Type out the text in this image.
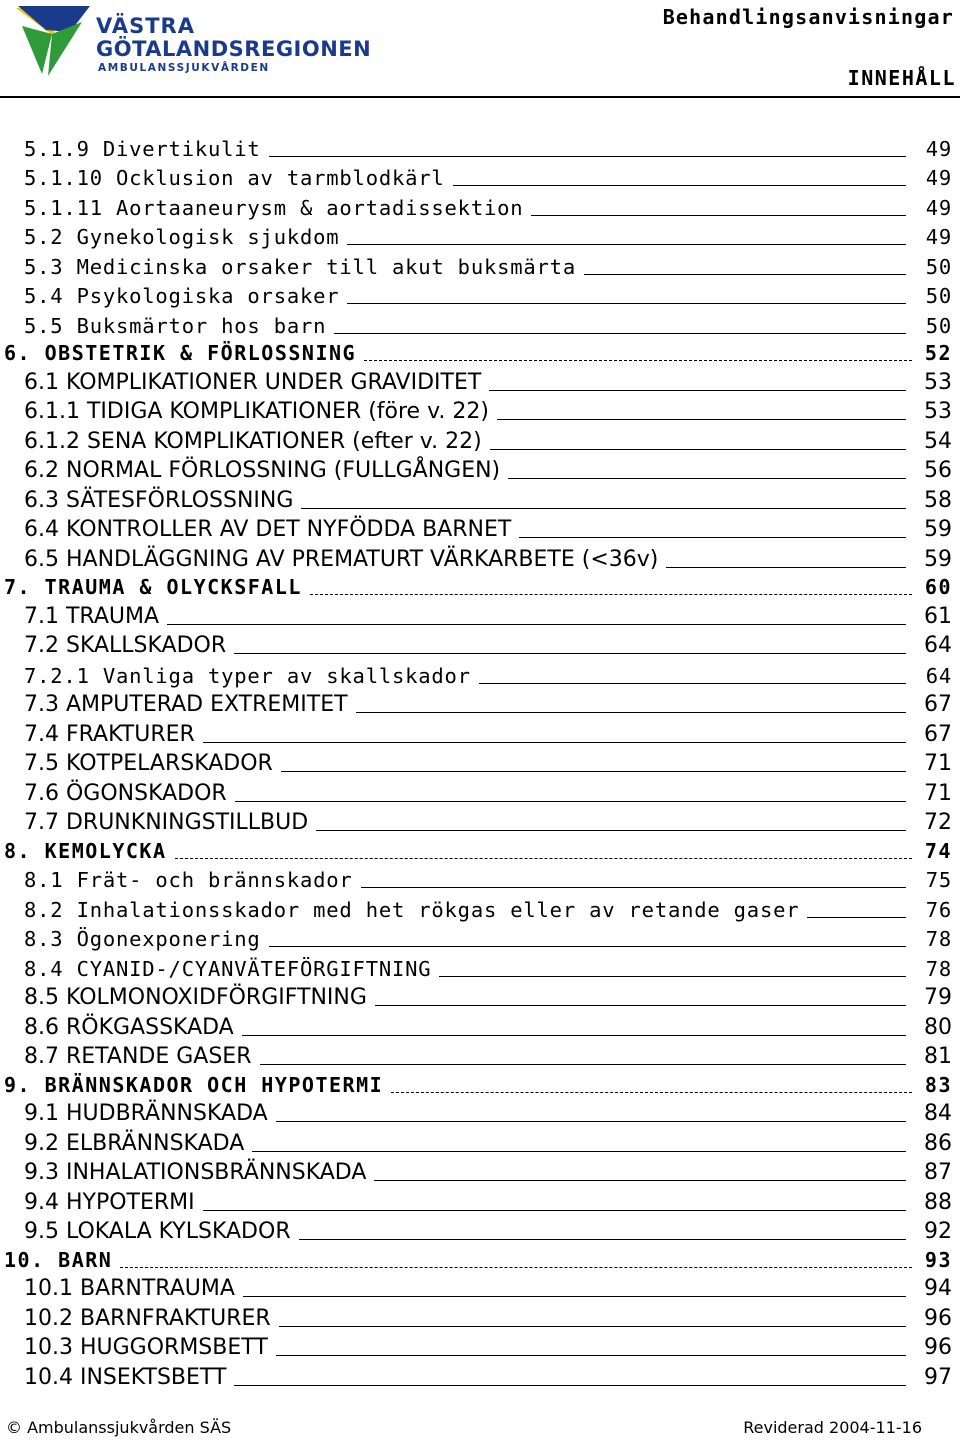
VÄSTRA
GÖTALANDSREGIONEN
AMBULANSSJUKVÅRDEN
Behandlingsanvisningar
INNEHÅLL
5.1.9 Divertikulit	49
5.1.10 Ocklusion av tarmblodkärl	49
5.1.11 Aortaaneurysm & aortadissektion	49
5.2 Gynekologisk sjukdom	49
5.3 Medicinska orsaker till akut buksmärta	50
5.4 Psykologiska orsaker	50
5.5 Buksmärtor hos barn	50
6. OBSTETRIK & FÖRLOSSNING	52
6.1 KOMPLIKATIONER UNDER GRAVIDITET	53
6.1.1 TIDIGA KOMPLIKATIONER (före v. 22)	53
6.1.2 SENA KOMPLIKATIONER (efter v. 22)	54
6.2 NORMAL FÖRLOSSNING (FULLGÅNGEN)	56
6.3 SÄTESFÖRLOSSNING	58
6.4 KONTROLLER AV DET NYFÖDDA BARNET	59
6.5 HANDLÄGGNING AV PREMATURT VÄRKARBETE (<36v)	59
7. TRAUMA & OLYCKSFALL	60
7.1 TRAUMA	61
7.2 SKALLSKADOR	64
7.2.1 Vanliga typer av skallskador	64
7.3 AMPUTERAD EXTREMITET	67
7.4 FRAKTURER	67
7.5 KOTPELARSKADOR	71
7.6 ÖGONSKADOR	71
7.7 DRUNKNINGSTILLBUD	72
8. KEMOLYCKA	74
8.1 Frät- och brännskador	75
8.2 Inhalationsskador med het rökgas eller av retande gaser	76
8.3 Ögonexponering	78
8.4 CYANID-/CYANVÄTEFÖRGIFTNING	78
8.5 KOLMONOXIDFÖRGIFTNING	79
8.6 RÖKGASSKADA	80
8.7 RETANDE GASER	81
9. BRÄNNSKADOR OCH HYPOTERMI	83
9.1 HUDBRÄNNSKADA	84
9.2 ELBRÄNNSKADA	86
9.3 INHALATIONSBRÄNNSKADA	87
9.4 HYPOTERMI	88
9.5 LOKALA KYLSKADOR	92
10. BARN	93
10.1 BARNTRAUMA	94
10.2 BARNFRAKTURER	96
10.3 HUGGORMSBETT	96
10.4 INSEKTSBETT	97
© Ambulanssjukvården SÄS	Reviderad 2004-11-16
